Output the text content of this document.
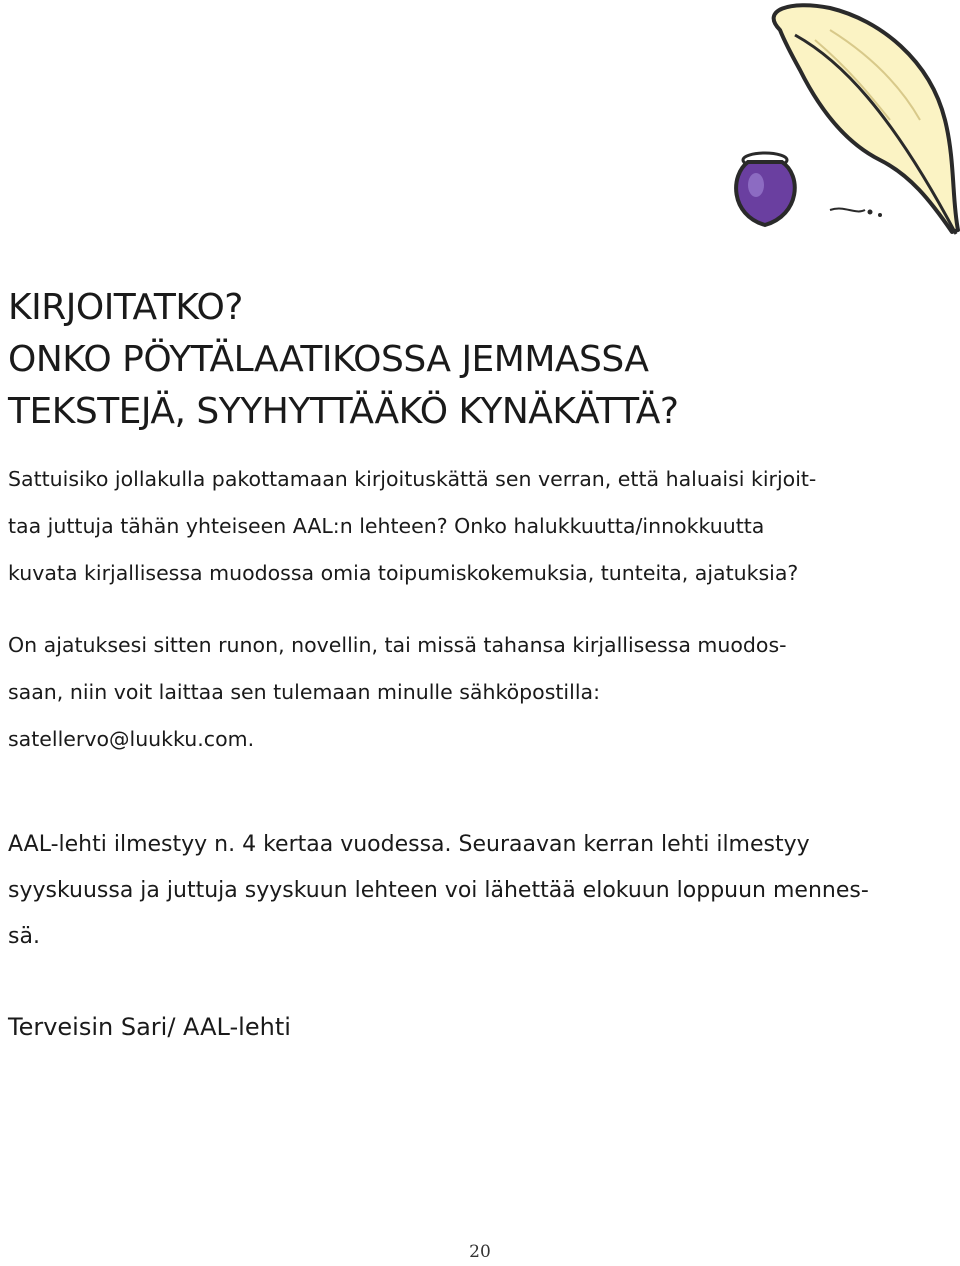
KIRJOITATKO?
ONKO PÖYTÄLAATIKOSSA JEMMASSA
TEKSTEJÄ, SYYHYTTÄÄKÖ KYNÄKÄTTÄ?

Sattuisiko jollakulla pakottamaan kirjoituskättä sen verran, että haluaisi kirjoit-
taa juttuja tähän yhteiseen AAL:n lehteen? Onko halukkuutta/innokkuutta
kuvata kirjallisessa muodossa omia toipumiskokemuksia, tunteita, ajatuksia?

On ajatuksesi sitten runon, novellin, tai missä tahansa kirjallisessa muodos-
saan, niin voit laittaa sen tulemaan minulle sähköpostilla:
satellervo@luukku.com.

AAL-lehti ilmestyy n. 4 kertaa vuodessa. Seuraavan kerran lehti ilmestyy
syyskuussa ja juttuja syyskuun lehteen voi lähettää elokuun loppuun mennes-
sä.

Terveisin Sari/ AAL-lehti

20
